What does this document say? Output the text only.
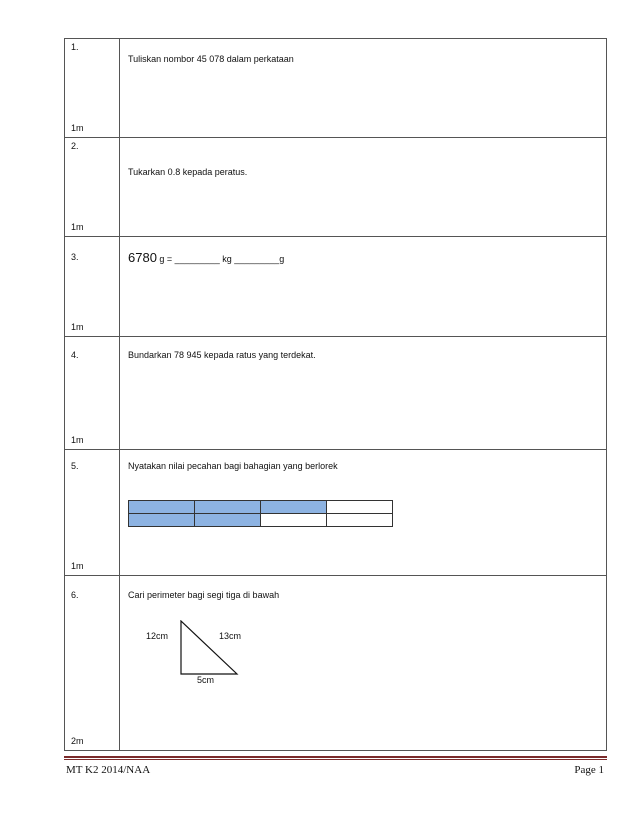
1.
1m
Tuliskan nombor 45 078 dalam perkataan
2.
1m
Tukarkan 0.8 kepada peratus.
3.
1m
6780 g = _________ kg _________g
4.
1m
Bundarkan 78 945 kepada ratus yang terdekat.
5.
1m
Nyatakan nilai pecahan bagi bahagian yang berlorek

6.
2m
Cari perimeter bagi segi tiga di bawah
12cm	13cm
5cm
MT K2 2014/NAA	Page 1
